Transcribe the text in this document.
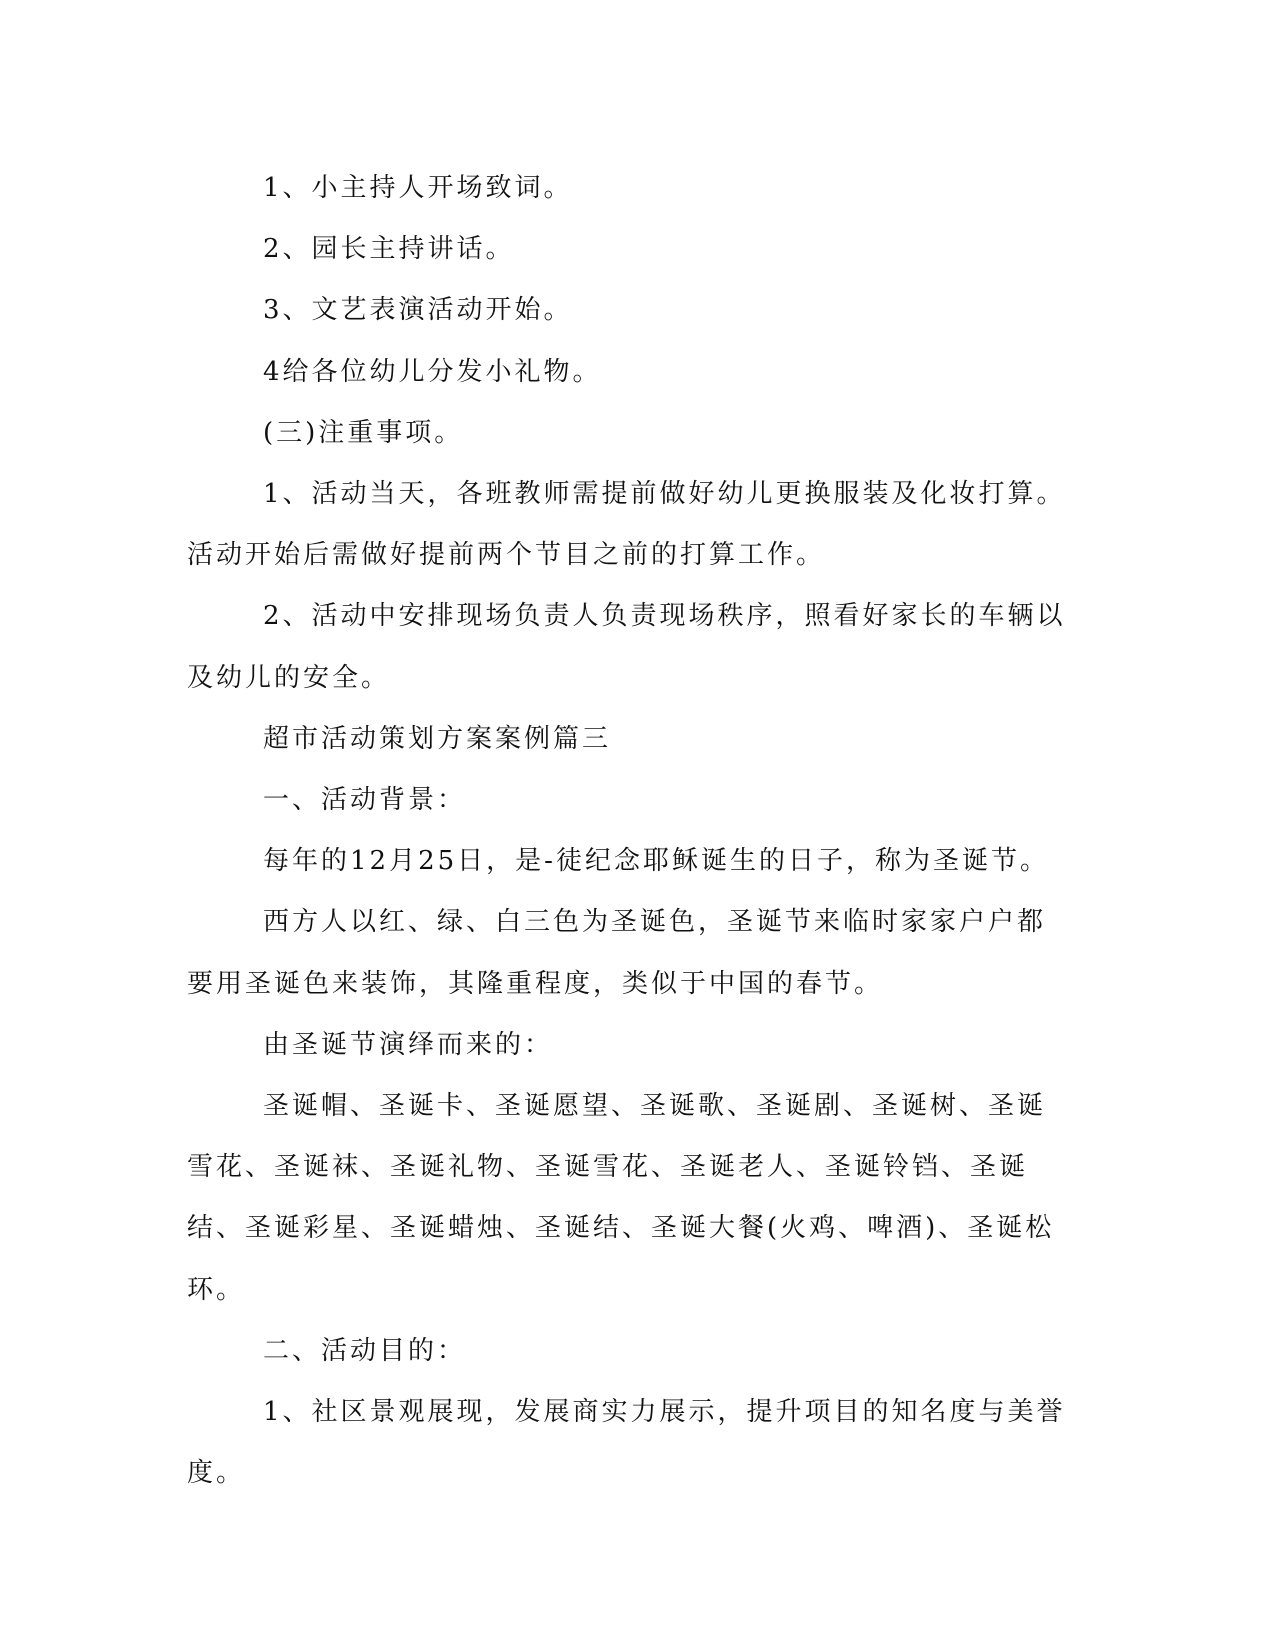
1、小主持人开场致词。

2、园长主持讲话。

3、文艺表演活动开始。

4给各位幼儿分发小礼物。

(三)注重事项。

1、活动当天，各班教师需提前做好幼儿更换服装及化妆打算。活动开始后需做好提前两个节目之前的打算工作。

2、活动中安排现场负责人负责现场秩序，照看好家长的车辆以及幼儿的安全。

超市活动策划方案案例篇三

一、活动背景：

每年的12月25日，是-徒纪念耶稣诞生的日子，称为圣诞节。

西方人以红、绿、白三色为圣诞色，圣诞节来临时家家户户都要用圣诞色来装饰，其隆重程度，类似于中国的春节。

由圣诞节演绎而来的：

圣诞帽、圣诞卡、圣诞愿望、圣诞歌、圣诞剧、圣诞树、圣诞雪花、圣诞袜、圣诞礼物、圣诞雪花、圣诞老人、圣诞铃铛、圣诞结、圣诞彩星、圣诞蜡烛、圣诞结、圣诞大餐(火鸡、啤酒)、圣诞松环。

二、活动目的：

1、社区景观展现，发展商实力展示，提升项目的知名度与美誉度。
